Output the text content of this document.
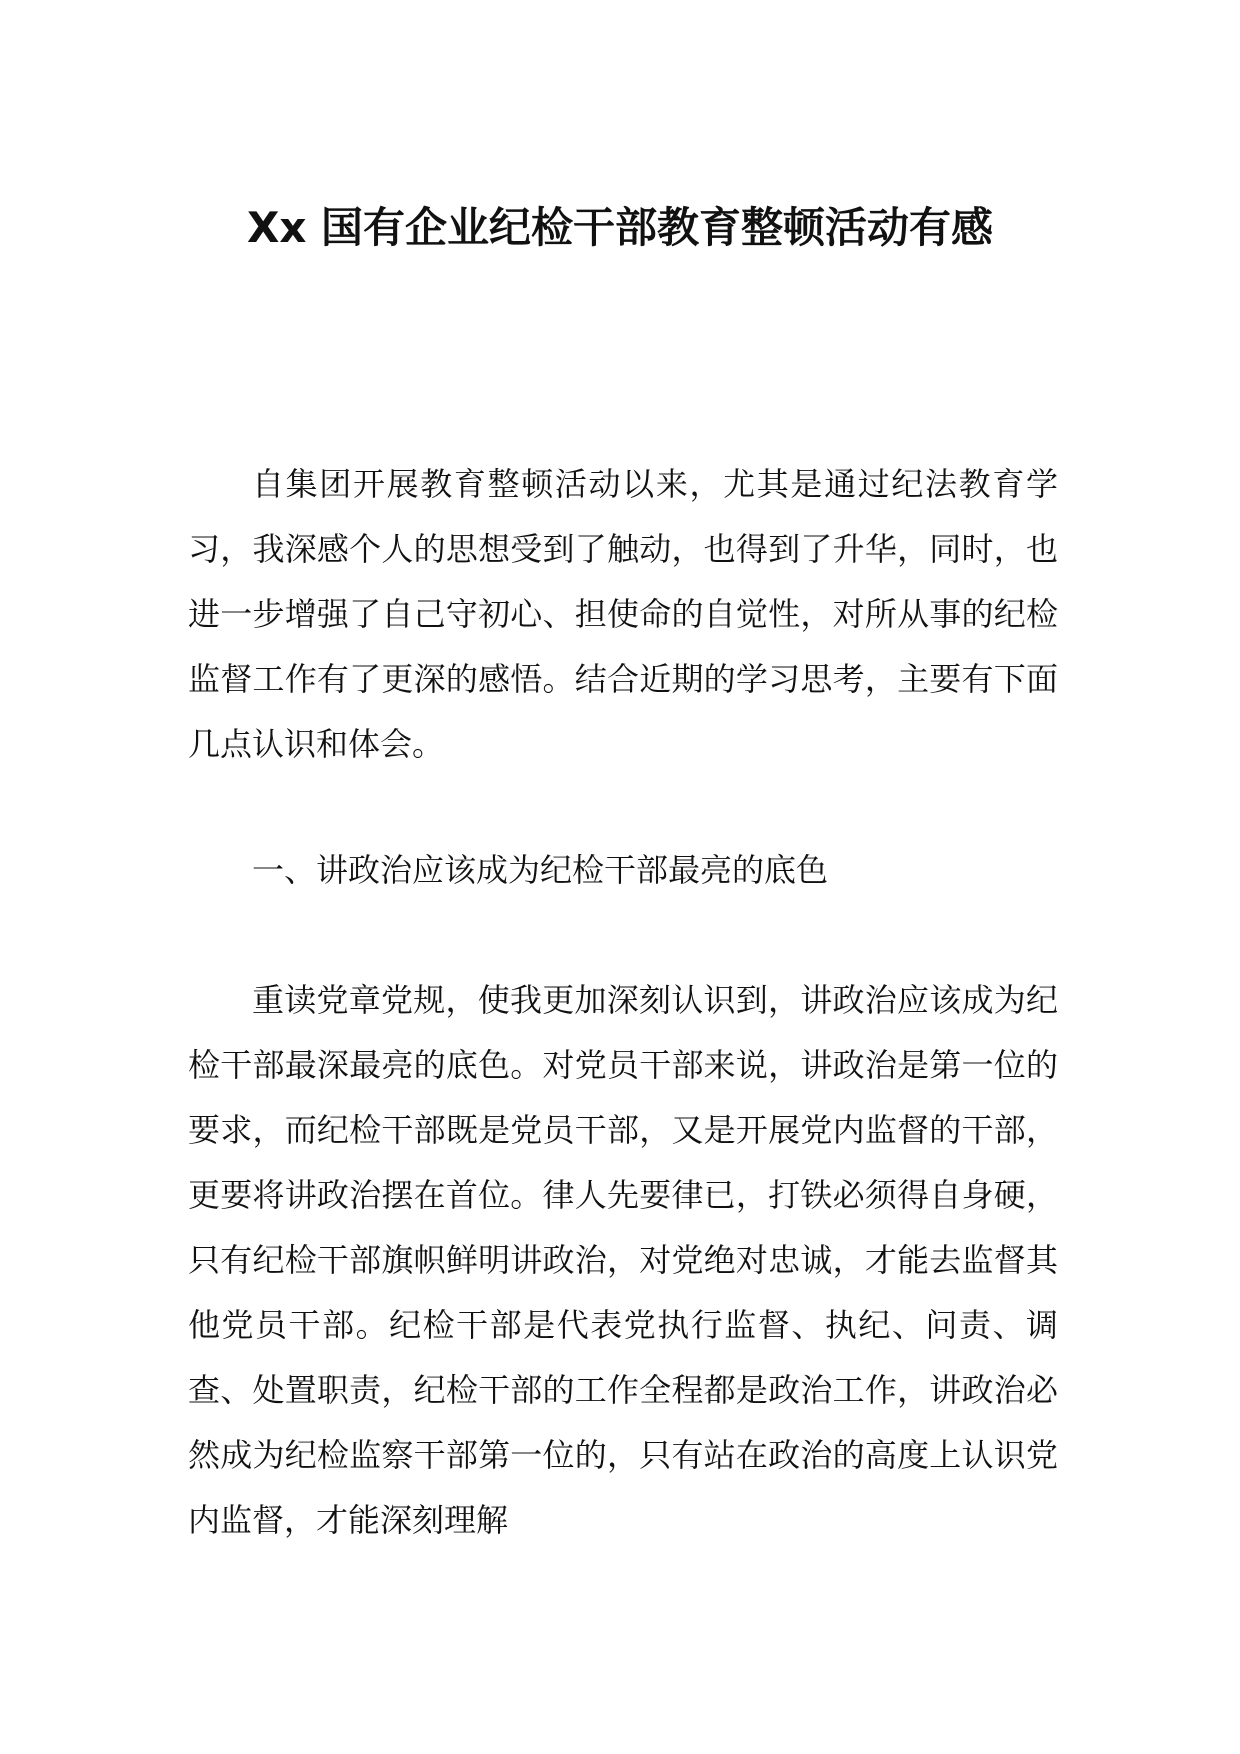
Xx 国有企业纪检干部教育整顿活动有感

自集团开展教育整顿活动以来，尤其是通过纪法教育学习，我深感个人的思想受到了触动，也得到了升华，同时，也进一步增强了自己守初心、担使命的自觉性，对所从事的纪检监督工作有了更深的感悟。结合近期的学习思考，主要有下面几点认识和体会。

一、讲政治应该成为纪检干部最亮的底色

重读党章党规，使我更加深刻认识到，讲政治应该成为纪检干部最深最亮的底色。对党员干部来说，讲政治是第一位的要求，而纪检干部既是党员干部，又是开展党内监督的干部，更要将讲政治摆在首位。律人先要律已，打铁必须得自身硬，只有纪检干部旗帜鲜明讲政治，对党绝对忠诚，才能去监督其他党员干部。纪检干部是代表党执行监督、执纪、问责、调查、处置职责，纪检干部的工作全程都是政治工作，讲政治必然成为纪检监察干部第一位的，只有站在政治的高度上认识党内监督，才能深刻理解
